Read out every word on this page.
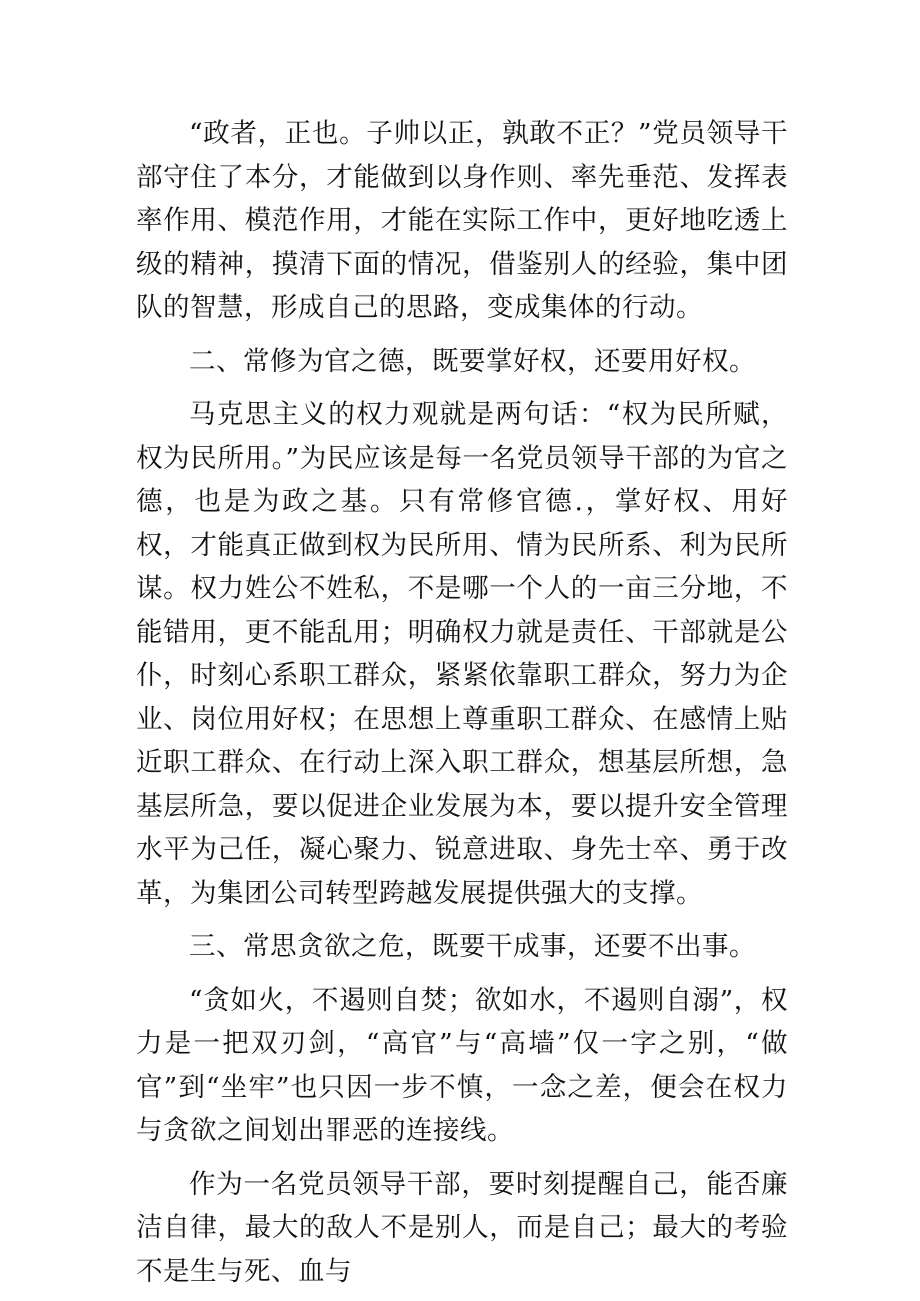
“政者，正也。子帅以正，孰敢不正？”党员领导干部守住了本分，才能做到以身作则、率先垂范、发挥表率作用、模范作用，才能在实际工作中，更好地吃透上级的精神，摸清下面的情况，借鉴别人的经验，集中团队的智慧，形成自己的思路，变成集体的行动。

二、常修为官之德，既要掌好权，还要用好权。

马克思主义的权力观就是两句话：“权为民所赋，权为民所用。”为民应该是每一名党员领导干部的为官之德，也是为政之基。只有常修官德.，掌好权、用好权，才能真正做到权为民所用、情为民所系、利为民所谋。权力姓公不姓私，不是哪一个人的一亩三分地，不能错用，更不能乱用；明确权力就是责任、干部就是公仆，时刻心系职工群众，紧紧依靠职工群众，努力为企业、岗位用好权；在思想上尊重职工群众、在感情上贴近职工群众、在行动上深入职工群众，想基层所想，急基层所急，要以促进企业发展为本，要以提升安全管理水平为己任，凝心聚力、锐意进取、身先士卒、勇于改革，为集团公司转型跨越发展提供强大的支撑。

三、常思贪欲之危，既要干成事，还要不出事。

“贪如火，不遏则自焚；欲如水，不遏则自溺”，权力是一把双刃剑，“高官”与“高墙”仅一字之别，“做官”到“坐牢”也只因一步不慎，一念之差，便会在权力与贪欲之间划出罪恶的连接线。

作为一名党员领导干部，要时刻提醒自己，能否廉洁自律，最大的敌人不是别人，而是自己；最大的考验不是生与死、血与
